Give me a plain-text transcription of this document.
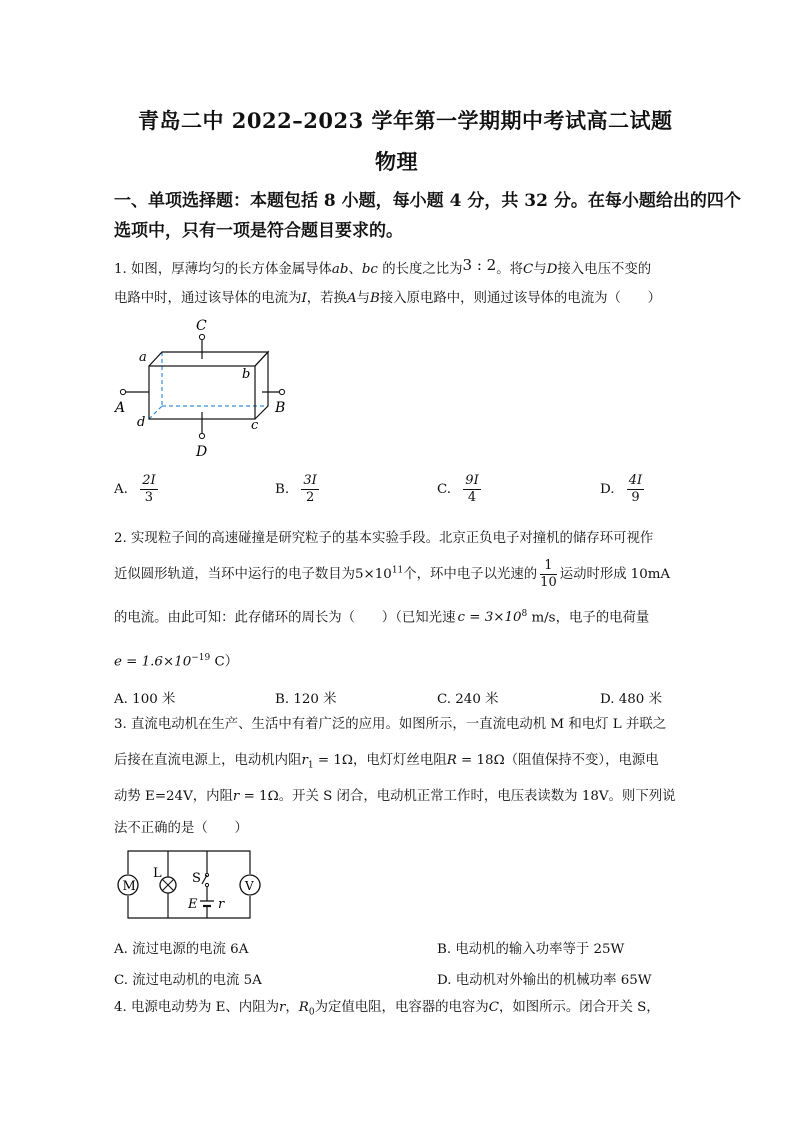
青岛二中 2022–2023 学年第一学期期中考试高二试题
物理
一、单项选择题：本题包括 8 小题，每小题 4 分，共 32 分。在每小题给出的四个
选项中，只有一项是符合题目要求的。
1. 如图，厚薄均匀的长方体金属导体ab、bc 的长度之比为3 : 2。将C与D接入电压不变的
电路中时，通过该导体的电流为I，若换A与B接入原电路中，则通过该导体的电流为（　　）
C
a
b
A	B
d	c
D
A. $\frac{2I}{3}$	B. $\frac{3I}{2}$	C. $\frac{9I}{4}$	D. $\frac{4I}{9}$
2. 实现粒子间的高速碰撞是研究粒子的基本实验手段。北京正负电子对撞机的储存环可视作
近似圆形轨道，当环中运行的电子数目为$5\times 10^{11}$个，环中电子以光速的 $\frac{1}{10}$ 运动时形成 10mA
的电流。由此可知：此存储环的周长为（　　）（已知光速 $c = 3\times 10^8$ m/s，电子的电荷量
$e = 1.6\times 10^{-19}$ C）
A. 100 米	B. 120 米	C. 240 米	D. 480 米
3. 直流电动机在生产、生活中有着广泛的应用。如图所示，一直流电动机 M 和电灯 L 并联之
后接在直流电源上，电动机内阻$r_1 = 1\Omega$，电灯灯丝电阻R = 18Ω（阻值保持不变），电源电
动势 E=24V，内阻r = 1Ω。开关 S 闭合，电动机正常工作时，电压表读数为 18V。则下列说
法不正确的是（　　）
M
L
V
S
E r
A. 流过电源的电流 6A	B. 电动机的输入功率等于 25W
C. 流过电动机的电流 5A	D. 电动机对外输出的机械功率 65W
4. 电源电动势为 E、内阻为r，$R_0$为定值电阻，电容器的电容为C，如图所示。闭合开关 S，
